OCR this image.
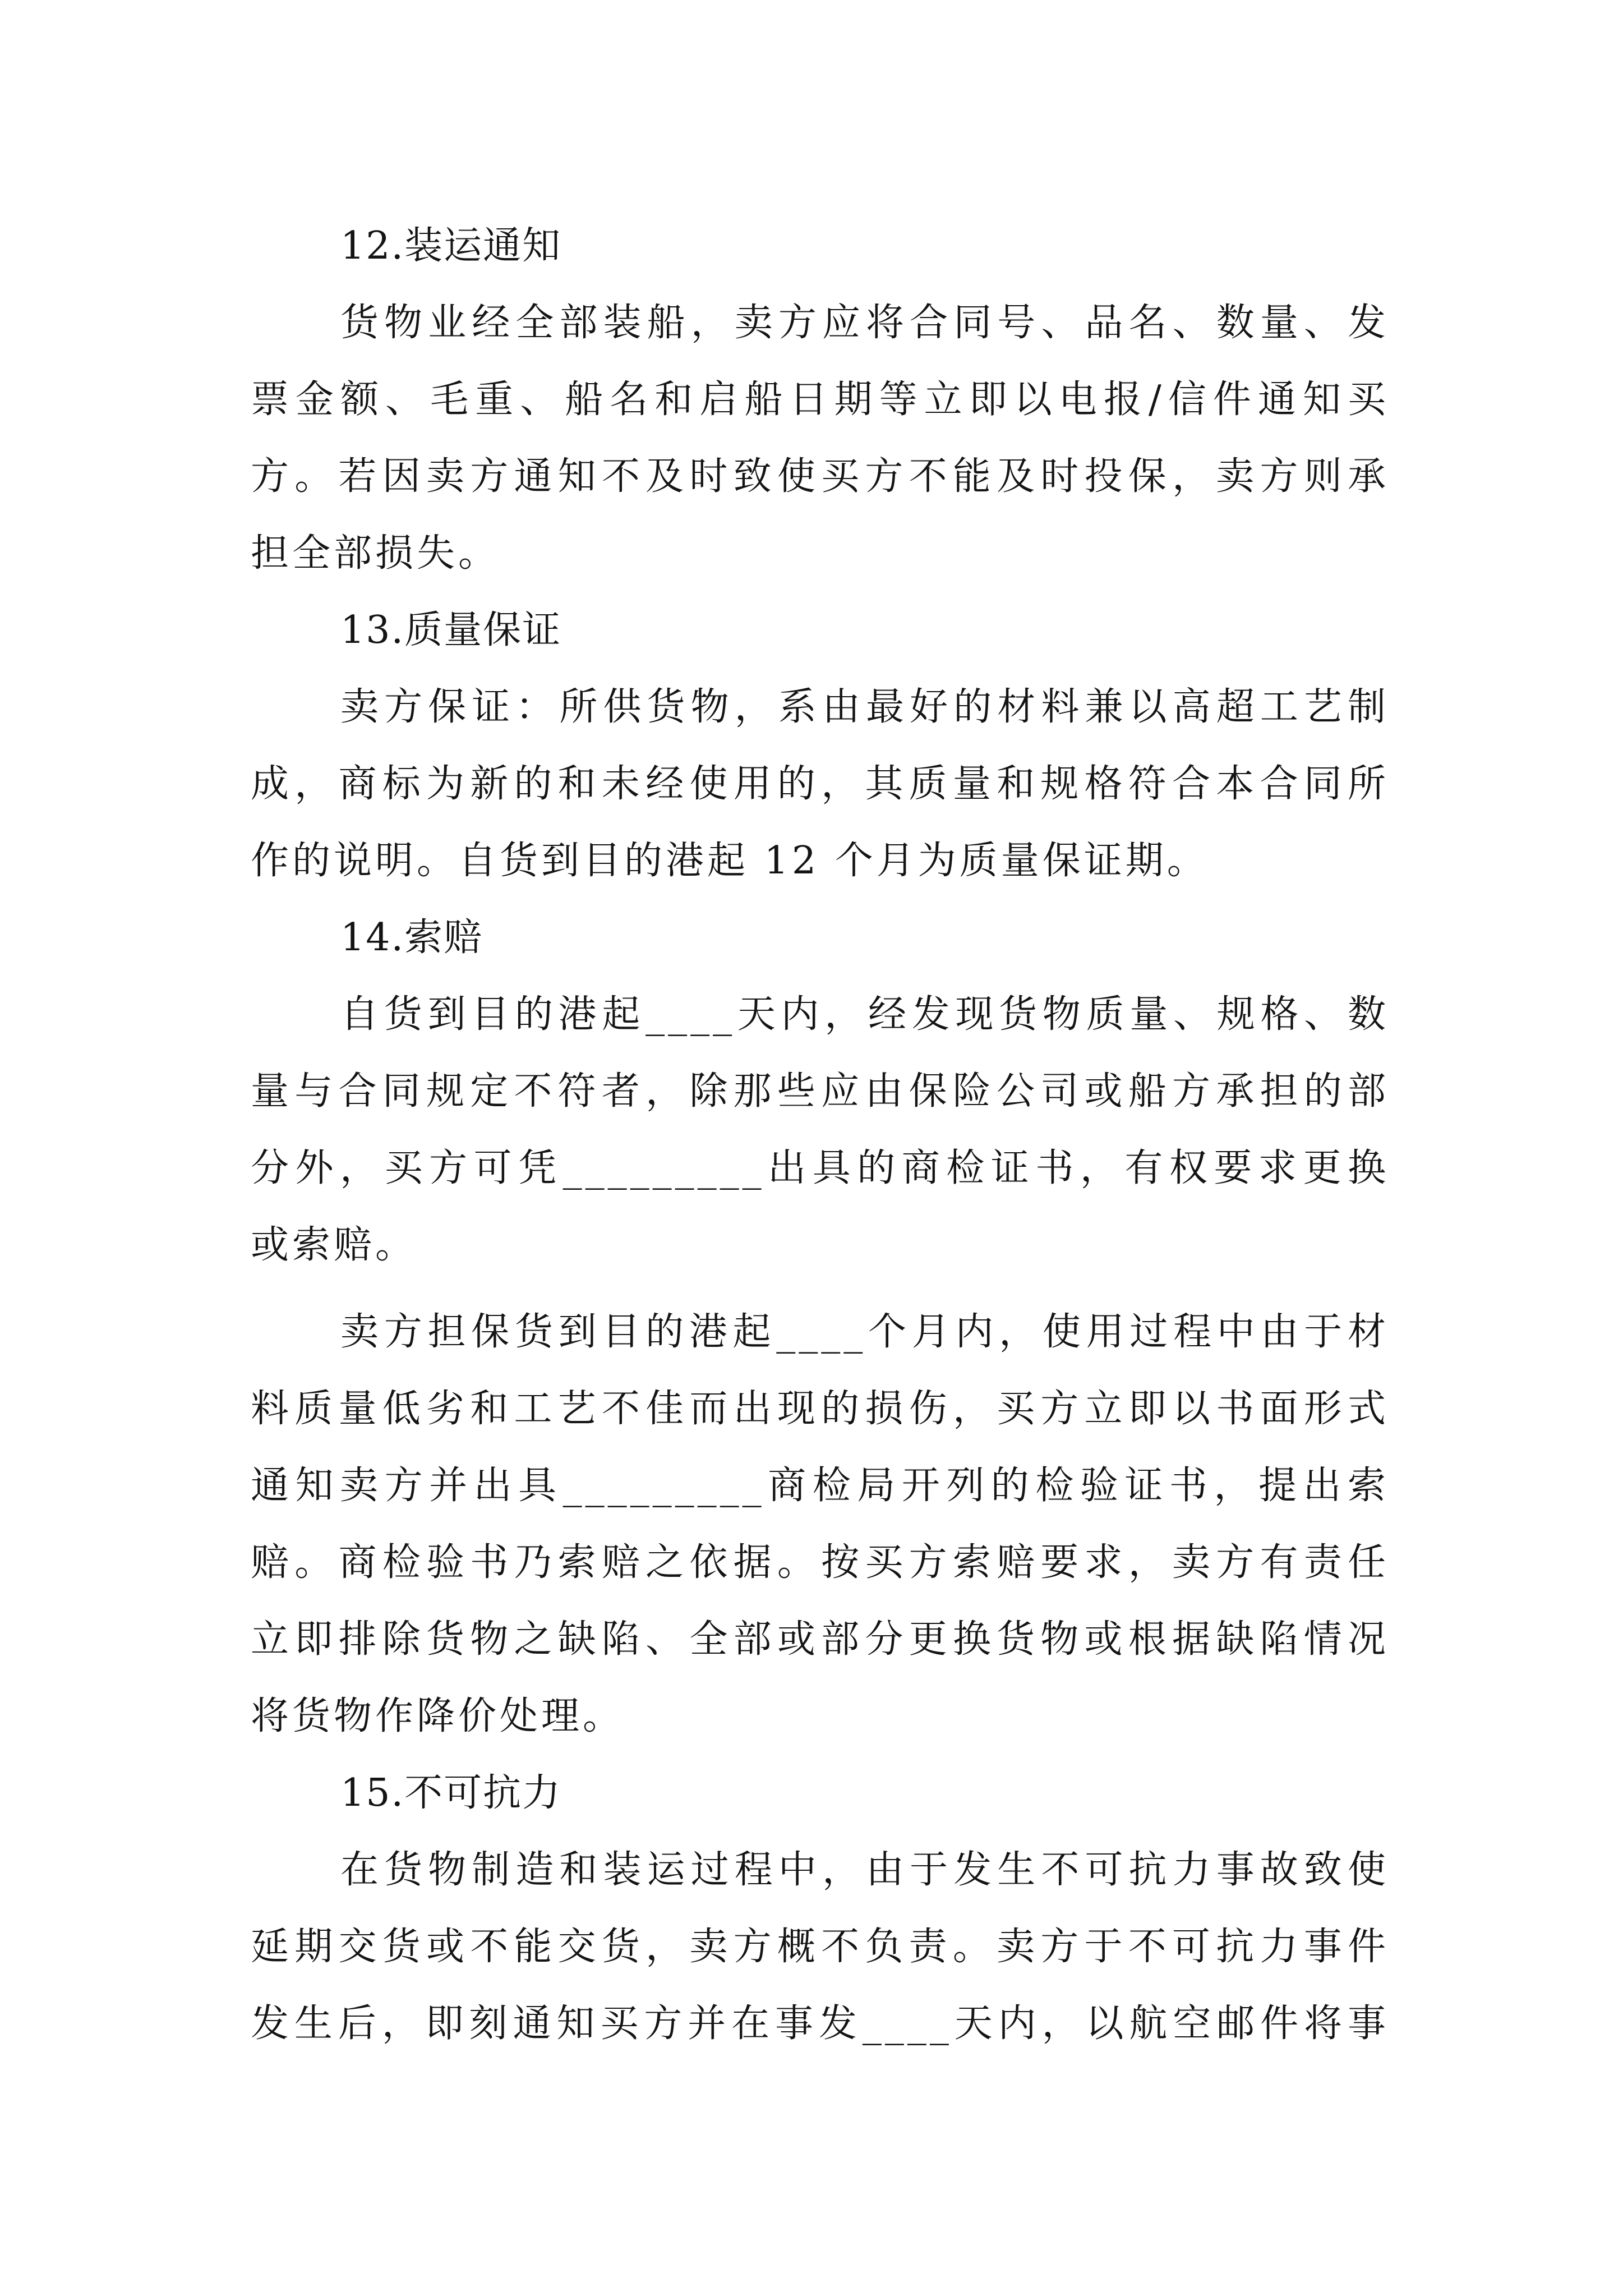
12.装运通知
货物业经全部装船，卖方应将合同号、品名、数量、发
票金额、毛重、船名和启船日期等立即以电报/信件通知买
方。若因卖方通知不及时致使买方不能及时投保，卖方则承
担全部损失。
13.质量保证
卖方保证：所供货物，系由最好的材料兼以高超工艺制
成，商标为新的和未经使用的，其质量和规格符合本合同所
作的说明。自货到目的港起 12 个月为质量保证期。
14.索赔
自货到目的港起____天内，经发现货物质量、规格、数
量与合同规定不符者，除那些应由保险公司或船方承担的部
分外，买方可凭_________出具的商检证书，有权要求更换
或索赔。
卖方担保货到目的港起____个月内，使用过程中由于材
料质量低劣和工艺不佳而出现的损伤，买方立即以书面形式
通知卖方并出具_________商检局开列的检验证书，提出索
赔。商检验书乃索赔之依据。按买方索赔要求，卖方有责任
立即排除货物之缺陷、全部或部分更换货物或根据缺陷情况
将货物作降价处理。
15.不可抗力
在货物制造和装运过程中，由于发生不可抗力事故致使
延期交货或不能交货，卖方概不负责。卖方于不可抗力事件
发生后，即刻通知买方并在事发____天内，以航空邮件将事
